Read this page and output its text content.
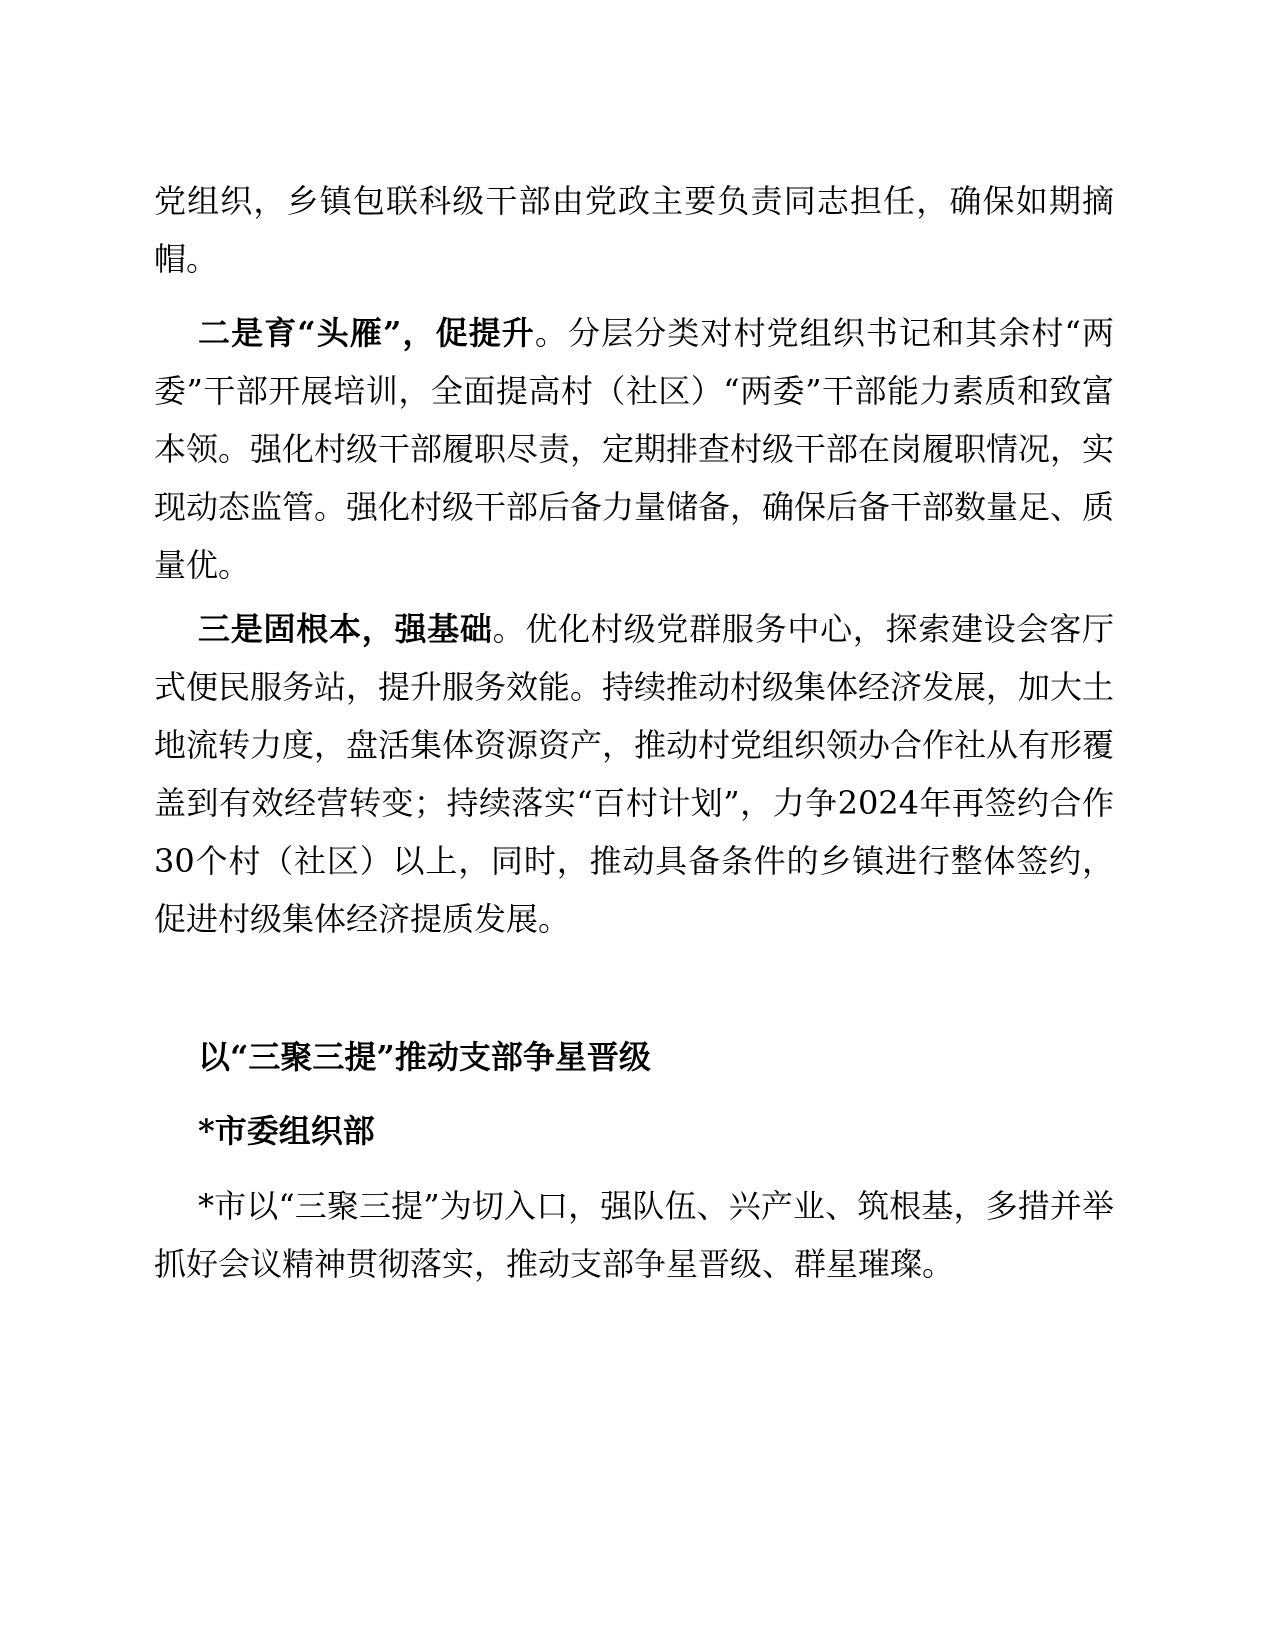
党组织，乡镇包联科级干部由党政主要负责同志担任，确保如期摘帽。

二是育“头雁”，促提升。分层分类对村党组织书记和其余村“两委”干部开展培训，全面提高村（社区）“两委”干部能力素质和致富本领。强化村级干部履职尽责，定期排查村级干部在岗履职情况，实现动态监管。强化村级干部后备力量储备，确保后备干部数量足、质量优。

三是固根本，强基础。优化村级党群服务中心，探索建设会客厅式便民服务站，提升服务效能。持续推动村级集体经济发展，加大土地流转力度，盘活集体资源资产，推动村党组织领办合作社从有形覆盖到有效经营转变；持续落实“百村计划”，力争2024年再签约合作30个村（社区）以上，同时，推动具备条件的乡镇进行整体签约，促进村级集体经济提质发展。

以“三聚三提”推动支部争星晋级
*市委组织部

*市以“三聚三提”为切入口，强队伍、兴产业、筑根基，多措并举抓好会议精神贯彻落实，推动支部争星晋级、群星璀璨。
